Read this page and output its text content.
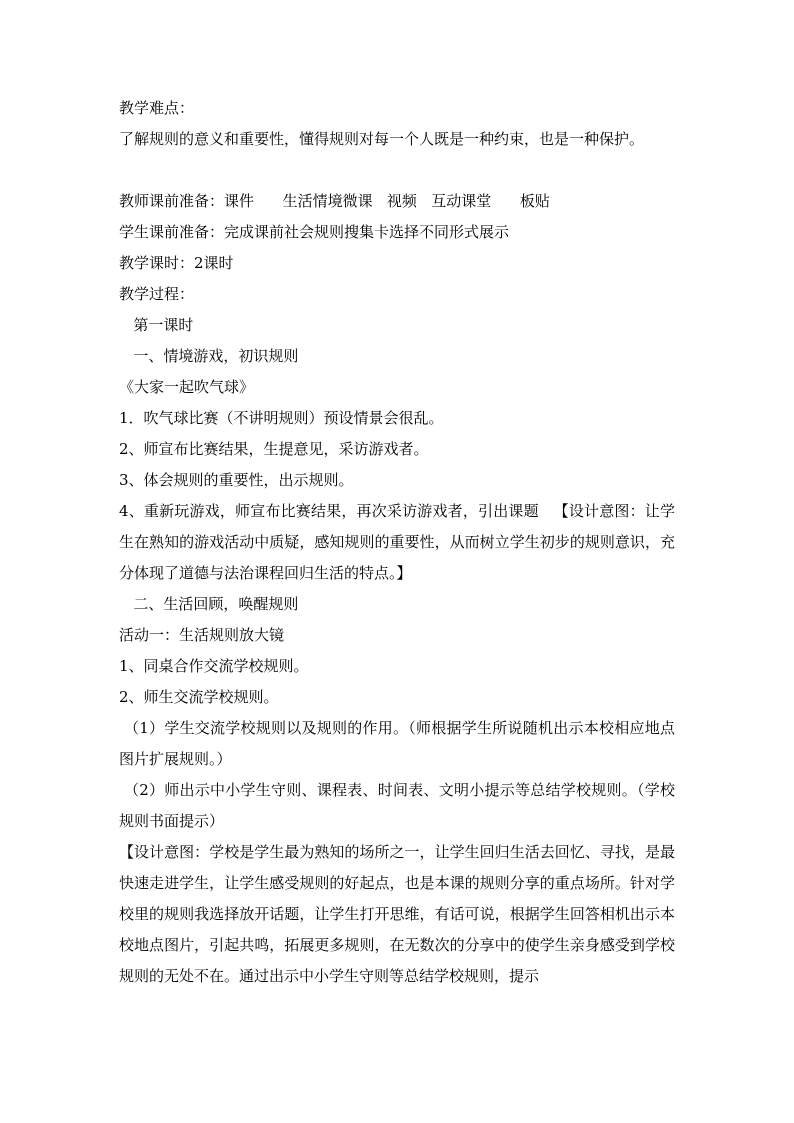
教学难点：

了解规则的意义和重要性，懂得规则对每一个人既是一种约束，也是一种保护。

教师课前准备：课件      生活情境微课   视频   互动课堂      板贴

学生课前准备：完成课前社会规则搜集卡选择不同形式展示

教学课时：2课时

教学过程：

第一课时

一、情境游戏，初识规则

《大家一起吹气球》

1．吹气球比赛（不讲明规则）预设情景会很乱。

2、师宣布比赛结果，生提意见，采访游戏者。

3、体会规则的重要性，出示规则。

4、重新玩游戏，师宣布比赛结果，再次采访游戏者，引出课题   【设计意图：让学生在熟知的游戏活动中质疑，感知规则的重要性，从而树立学生初步的规则意识，充分体现了道德与法治课程回归生活的特点。】

二、生活回顾，唤醒规则

活动一：生活规则放大镜

1、同桌合作交流学校规则。

2、师生交流学校规则。

（1）学生交流学校规则以及规则的作用。（师根据学生所说随机出示本校相应地点图片扩展规则。）

（2）师出示中小学生守则、课程表、时间表、文明小提示等总结学校规则。（学校规则书面提示）

【设计意图：学校是学生最为熟知的场所之一，让学生回归生活去回忆、寻找，是最快速走进学生，让学生感受规则的好起点，也是本课的规则分享的重点场所。针对学校里的规则我选择放开话题，让学生打开思维，有话可说，根据学生回答相机出示本校地点图片，引起共鸣，拓展更多规则，在无数次的分享中的使学生亲身感受到学校规则的无处不在。通过出示中小学生守则等总结学校规则，提示
